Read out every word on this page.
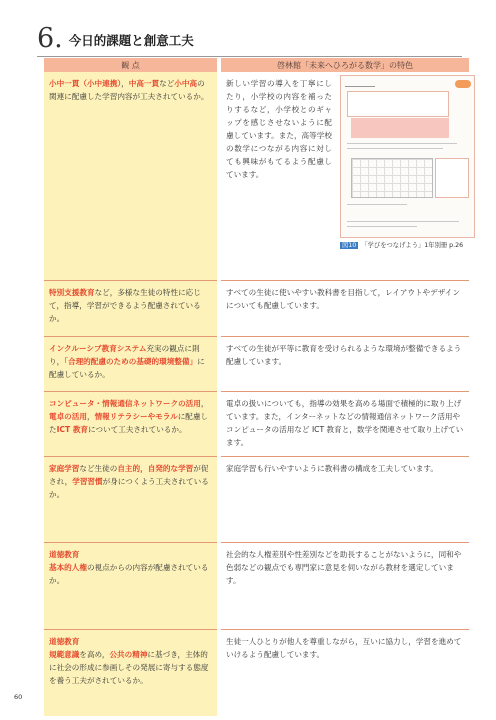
6. 今日的課題と創意工夫
観 点	啓林館「未来へひろがる数学」の特色
小中一貫（小中連携），中高一貫など小中高の関連に配慮した学習内容が工夫されているか。	新しい学習の導入を丁寧にしたり，小学校の内容を補ったりするなど，小学校とのギャップを感じさせないように配慮しています。また，高等学校の数学につながる内容に対しても興味がもてるよう配慮しています。
図10 「学びをつなげよう」1年別冊 p.26

特別支援教育など，多様な生徒の特性に応じて，指導，学習ができるよう配慮されているか。	すべての生徒に使いやすい教科書を目指して，レイアウトやデザインについても配慮しています。
インクルーシブ教育システム充実の観点に則り，「合理的配慮のための基礎的環境整備」に配慮しているか。	すべての生徒が平等に教育を受けられるような環境が整備できるよう配慮しています。
コンピュータ・情報通信ネットワークの活用，電卓の活用，情報リテラシーやモラルに配慮したICT 教育について工夫されているか。	電卓の扱いについても，指導の効果を高める場面で積極的に取り上げています。また，インターネットなどの情報通信ネットワーク活用やコンピュータの活用など ICT 教育と，数学を関連させて取り上げています。
家庭学習など生徒の自主的，自発的な学習が促され，学習習慣が身につくよう工夫されているか。	家庭学習も行いやすいように教科書の構成を工夫しています。
道徳教育
基本的人権の視点からの内容が配慮されているか。	社会的な人権差別や性差別などを助長することがないように，同和や色弱などの観点でも専門家に意見を伺いながら教材を選定しています。
道徳教育
規範意識を高め，公共の精神に基づき，主体的に社会の形成に参画しその発展に寄与する態度を養う工夫がされているか。	生徒一人ひとりが他人を尊重しながら，互いに協力し，学習を進めていけるよう配慮しています。
60
